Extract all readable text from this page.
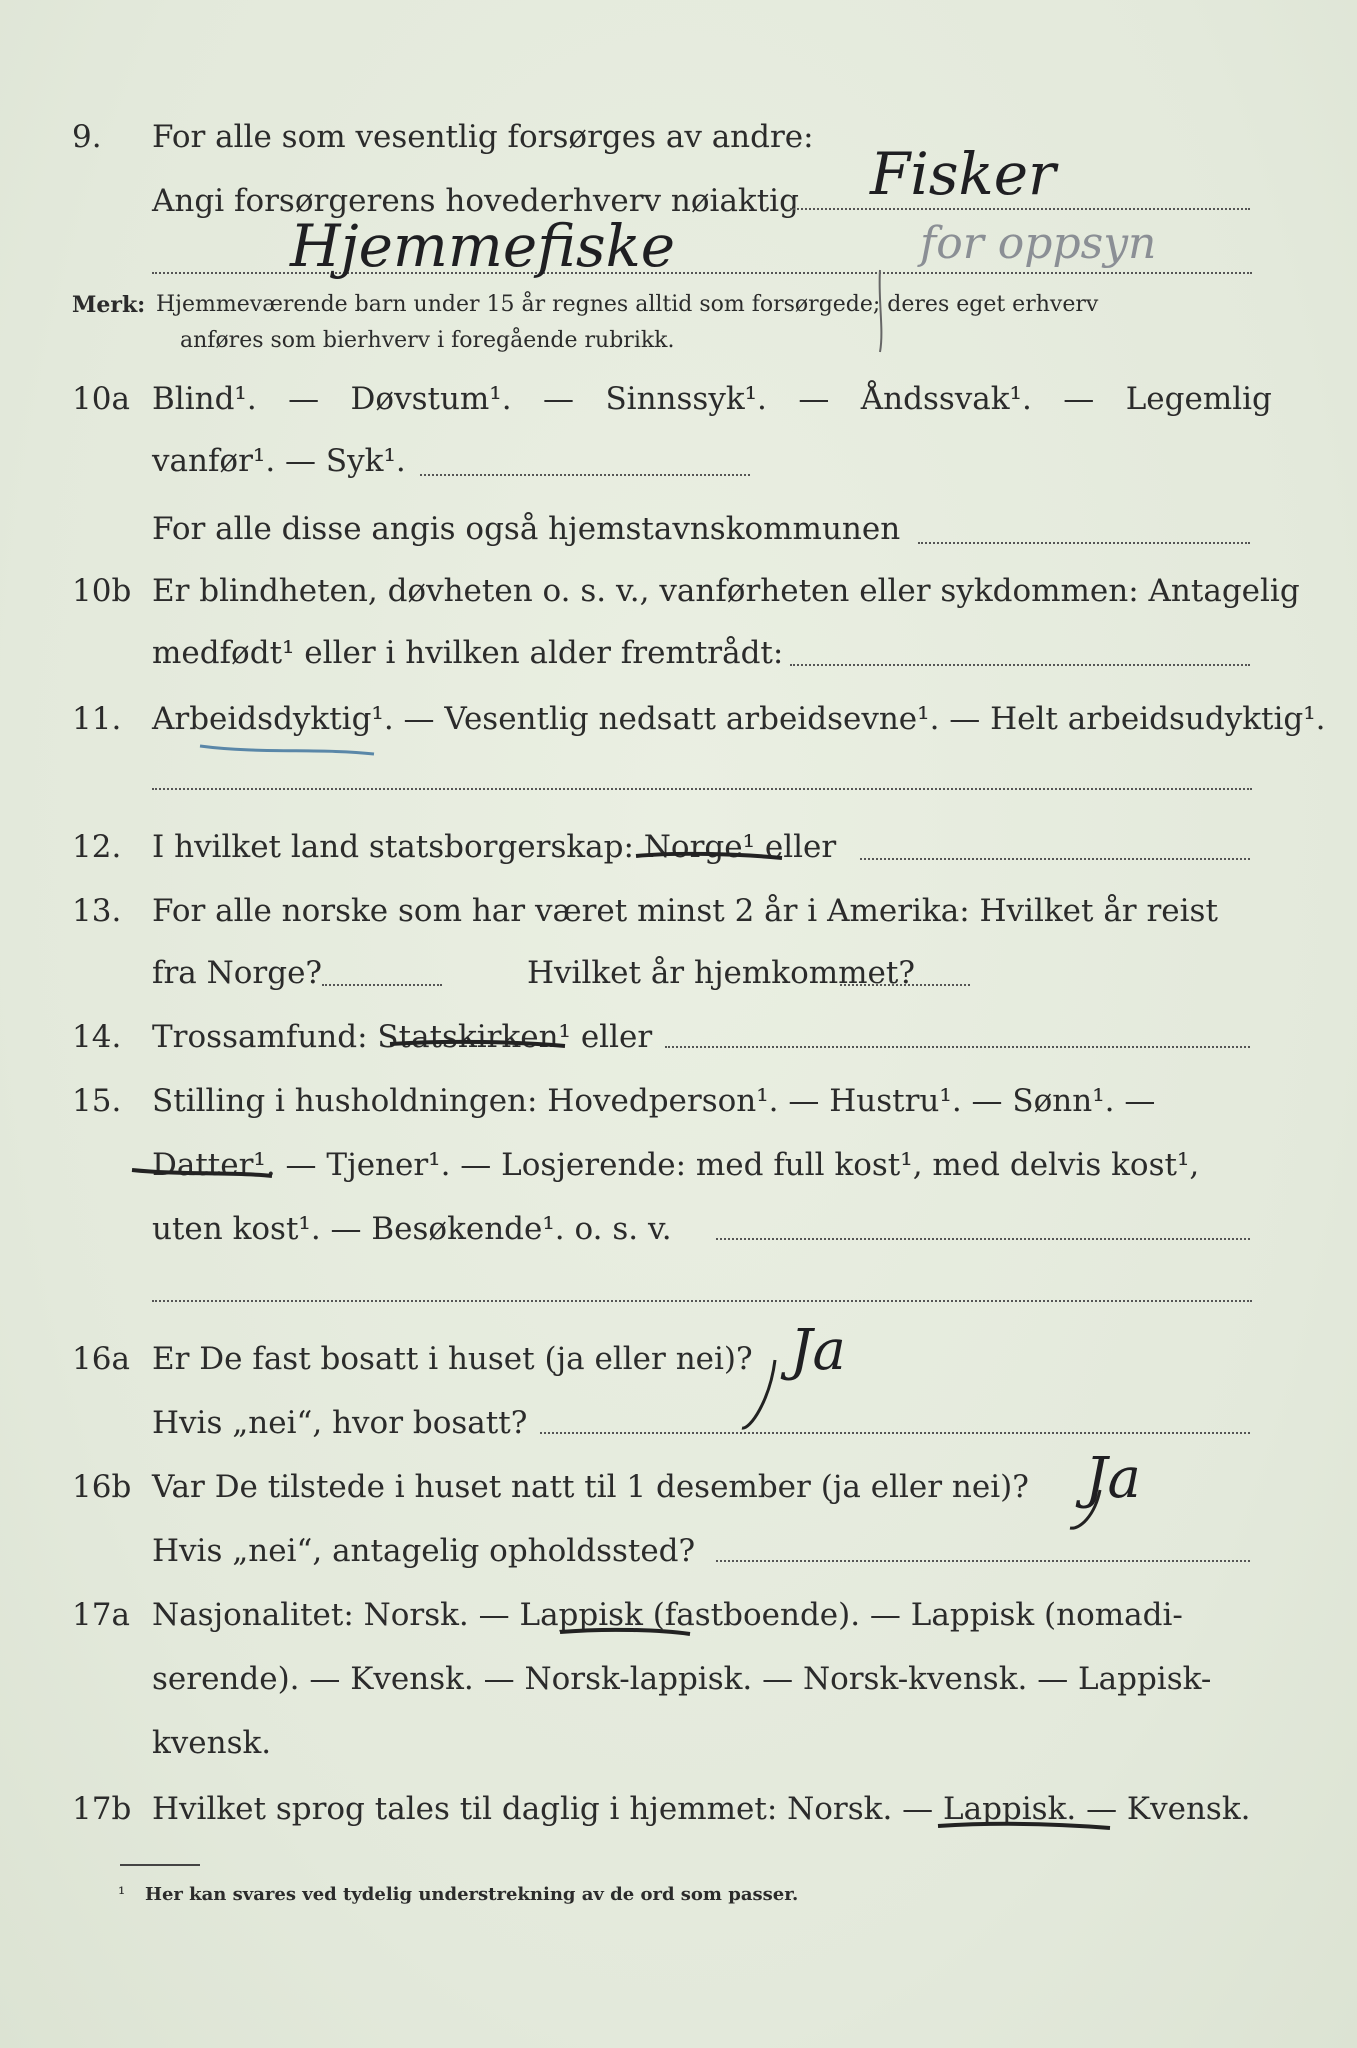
9.	For alle som vesentlig forsørges av andre:
Angi forsørgerens hovederhverv nøiaktig	Fisker
Hjemmefiske	for oppsyn
Merk: Hjemmeværende barn under 15 år regnes alltid som forsørgede; deres eget erhverv
anføres som bierhverv i foregående rubrikk.
10a Blind¹. — Døvstum¹. — Sinnssyk¹. — Åndssvak¹. — Legemlig
vanfør¹. — Syk¹.
For alle disse angis også hjemstavnskommunen
10b Er blindheten, døvheten o. s. v., vanførheten eller sykdommen: Antagelig
medfødt¹ eller i hvilken alder fremtrådt:
11. Arbeidsdyktig¹. — Vesentlig nedsatt arbeidsevne¹. — Helt arbeidsudyktig¹.
12. I hvilket land statsborgerskap: Norge¹ eller
13. For alle norske som har været minst 2 år i Amerika: Hvilket år reist
fra Norge?	Hvilket år hjemkommet?
14. Trossamfund: Statskirken¹ eller
15. Stilling i husholdningen: Hovedperson¹. — Hustru¹. — Sønn¹. —
Datter¹. — Tjener¹. — Losjerende: med full kost¹, med delvis kost¹,
uten kost¹. — Besøkende¹. o. s. v.
16a Er De fast bosatt i huset (ja eller nei)? Ja
Hvis „nei“, hvor bosatt?
16b Var De tilstede i huset natt til 1 desember (ja eller nei)?	Ja
Hvis „nei“, antagelig opholdssted?
17a Nasjonalitet: Norsk. — Lappisk (fastboende). — Lappisk (nomadi-
serende). — Kvensk. — Norsk-lappisk. — Norsk-kvensk. — Lappisk-
kvensk.
17b Hvilket sprog tales til daglig i hjemmet: Norsk. — Lappisk. — Kvensk.
¹ Her kan svares ved tydelig understrekning av de ord som passer.
